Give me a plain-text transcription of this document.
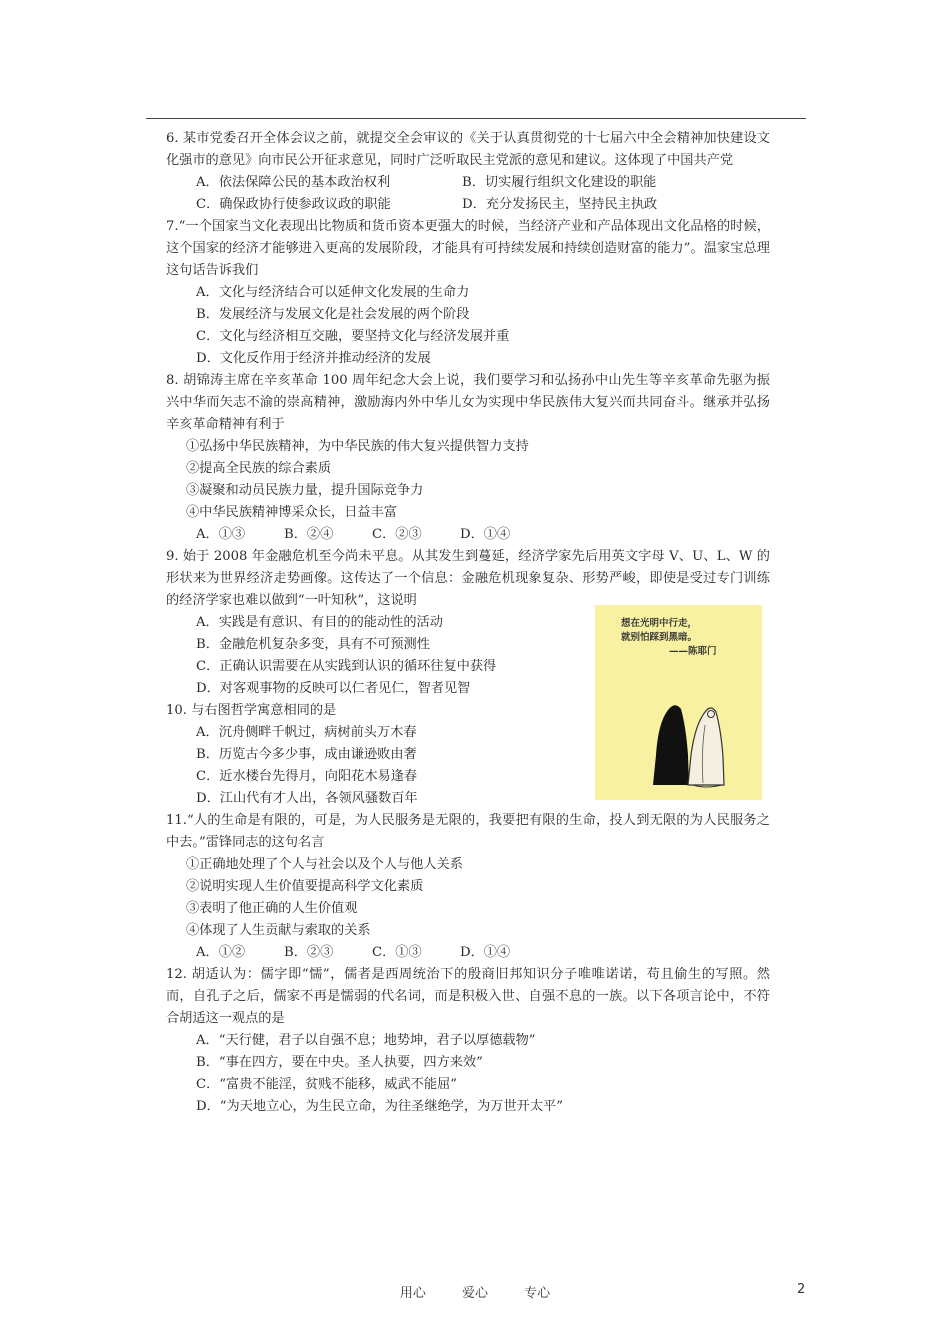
6. 某市党委召开全体会议之前，就提交全会审议的《关于认真贯彻党的十七届六中全会精神加快建设文化强市的意见》向市民公开征求意见，同时广泛听取民主党派的意见和建议。这体现了中国共产党

A．依法保障公民的基本政治权利	B．切实履行组织文化建设的职能
C．确保政协行使参政议政的职能	D．充分发扬民主，坚持民主执政

7.“一个国家当文化表现出比物质和货币资本更强大的时候，当经济产业和产品体现出文化品格的时候，这个国家的经济才能够进入更高的发展阶段，才能具有可持续发展和持续创造财富的能力”。温家宝总理这句话告诉我们

A．文化与经济结合可以延伸文化发展的生命力

B．发展经济与发展文化是社会发展的两个阶段

C．文化与经济相互交融，要坚持文化与经济发展并重

D．文化反作用于经济并推动经济的发展

8. 胡锦涛主席在辛亥革命 100 周年纪念大会上说，我们要学习和弘扬孙中山先生等辛亥革命先驱为振兴中华而矢志不渝的崇高精神，激励海内外中华儿女为实现中华民族伟大复兴而共同奋斗。继承并弘扬辛亥革命精神有利于

①弘扬中华民族精神，为中华民族的伟大复兴提供智力支持

②提高全民族的综合素质

③凝聚和动员民族力量，提升国际竞争力

④中华民族精神博采众长，日益丰富

A．①③	B．②④	C．②③	D．①④

9. 始于 2008 年金融危机至今尚未平息。从其发生到蔓延，经济学家先后用英文字母 V、U、L、W 的形状来为世界经济走势画像。这传达了一个信息：金融危机现象复杂、形势严峻，即使是受过专门训练的经济学家也难以做到“一叶知秋”，这说明

A．实践是有意识、有目的的能动性的活动

B．金融危机复杂多变，具有不可预测性

C．正确认识需要在从实践到认识的循环往复中获得

D．对客观事物的反映可以仁者见仁，智者见智

10. 与右图哲学寓意相同的是

A．沉舟侧畔千帆过，病树前头万木春

B．历览古今多少事，成由谦逊败由奢

C．近水楼台先得月，向阳花木易逢春

D．江山代有才人出，各领风骚数百年

11.“人的生命是有限的，可是，为人民服务是无限的，我要把有限的生命，投人到无限的为人民服务之中去。”雷锋同志的这句名言

①正确地处理了个人与社会以及个人与他人关系

②说明实现人生价值要提高科学文化素质

③表明了他正确的人生价值观

④体现了人生贡献与索取的关系

A．①②	B．②③	C．①③	D．①④

12. 胡适认为：儒字即“懦”，儒者是西周统治下的殷商旧邦知识分子唯唯诺诺，苟且偷生的写照。然而，自孔子之后，儒家不再是懦弱的代名词，而是积极入世、自强不息的一族。以下各项言论中，不符合胡适这一观点的是

A．“天行健，君子以自强不息；地势坤，君子以厚德载物”

B．“事在四方，要在中央。圣人执要，四方来效”

C．“富贵不能淫，贫贱不能移，威武不能屈”

D．“为天地立心，为生民立命，为往圣继绝学，为万世开太平”

想在光明中行走，
就别怕踩到黑暗。
——陈耶门
用心	爱心	专心	2
